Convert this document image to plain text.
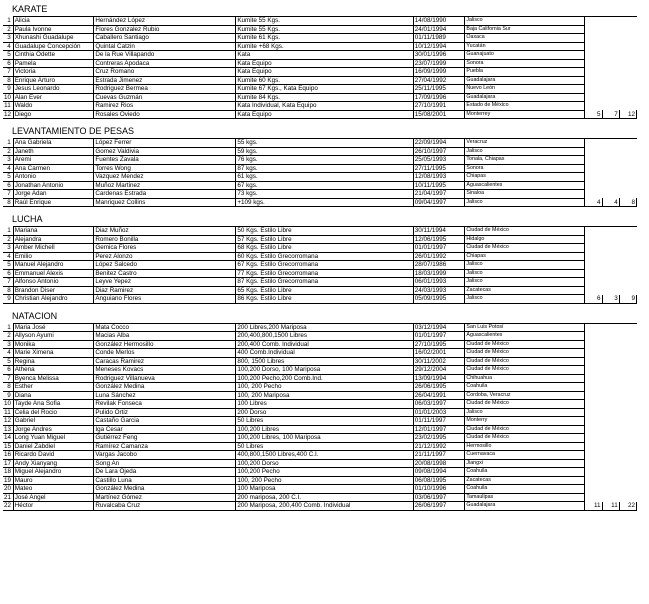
KARATE
1	Alicia	Hernández López	Kumite 55 Kgs.	14/08/1990	Jalisco			
2	Paula Ivonne	Flores Gonzalez Rubio	Kumite 55 Kgs.	24/01/1994	Baja California Sur			
3	Xhunashi Guadalupe	Caballero Santiago	Kumite 61 Kgs.	01/11/1989	Oaxaca			
4	Guadalupe Concepción	Quintal Catzin	Kumite +68 Kgs.	10/12/1994	Yucatán			
5	Cinthia Odette	De la Rue Villapando	Kata	30/01/1996	Guanajuato			
6	Pamela	Contreras Apodaca	Kata Equipo	23/07/1999	Sonora			
7	Victoria	Cruz Romano	Kata Equipo	16/09/1999	Puebla			
8	Enrique Arturo	Estrada Jimenez	Kumite 60 Kgs.	27/04/1992	Guadalajara			
9	Jesus Leonardo	Rodriguez Bermea	Kumite 67 Kgs., Kata Equipo	25/11/1995	Nuevo León			
10	Alan Ever	Cuevas Guzmán	Kumite 84 Kgs.	17/09/1996	Guadalajara			
11	Waldo	Ramirez Rios	Kata Individual, Kata Equipo	27/10/1991	Estado de México			
12	Diego	Rosales Oviedo	Kata Equipo	15/08/2001	Monterrey	5	7	12
LEVANTAMIENTO DE PESAS
1	Ana Gabriela	López Ferrer	55 kgs.	22/09/1994	Veracruz			
2	Janeth	Gomez Valdivia	59 kgs.	26/10/1997	Jalisco			
3	Aremi	Fuentes Zavala	76 kgs.	25/05/1993	Tonala, Chiapas			
4	Ana Carmen	Torres Wong	87 kgs.	27/11/1995	Sonora			
5	Antonio	Vazquez Mendez	61 kgs.	12/08/1993	Chiapas			
6	Jonathan Antonio	Muñoz Martinez	67 kgs.	10/11/1995	Aguascalientes			
7	Jorge Adan	Cardenas Estrada	73 kgs.	21/04/1997	Sinaloa			
8	Raúl Enrique	Manriquez Collins	+109 kgs.	09/04/1997	Jalisco	4	4	8
LUCHA
1	Mariana	Diaz Muñoz	50 Kgs. Estilo Libre	30/11/1994	Ciudad de México			
2	Alejandra	Romero Bonilla	57 Kgs. Estilo Libre	12/06/1995	Hidalgo			
3	Amber Michell	Gemica Flores	68 Kgs. Estilo Libre	01/01/1997	Ciudad de México			
4	Emilio	Perez Alonzo	60 Kgs. Estilo Grecorromana	26/01/1992	Chiapas			
5	Manuel Alejandro	López Salcedo	67 Kgs. Estilo Grecorromana	28/07/1986	Jalisco			
6	Emmanuel Alexis	Benitez Castro	77 Kgs. Estilo Grecorromana	18/03/1999	Jalisco			
7	Alfonso Antonio	Leyve Yepez	87 Kgs. Estilo Grecorromana	06/01/1993	Jalisco			
8	Brandon Diser	Diaz Ramirez	65 Kgs. Estilo Libre	24/03/1993	Zacatecas			
9	Christian Alejandro	Anguiano Flores	86 Kgs. Estilo Libre	05/09/1995	Jalisco	6	3	9
NATACION
1	Maria José	Mata Cocco	200 Libres,200 Mariposa	03/12/1994	San Luis Potosí			
2	Allyson Ayumi	Macias Alba	200,400,800,1500 Libres	01/01/1997	Aguascalientes			
3	Monika	González Hermosillo	200,400 Comb. Individual	27/10/1995	Ciudad de México			
4	Marie Ximena	Conde Merlos	400 Comb.Individual	16/02/2001	Ciudad de México			
5	Regina	Caracas Ramirez	800, 1500 Libres	30/11/2002	Ciudad de México			
6	Athena	Meneses Kovacs	100,200 Dorso, 100 Mariposa	29/12/2004	Ciudad de México			
7	Byenca Melissa	Rodriguez Villanueva	100,200 Pecho,200 Comb.Ind.	13/09/1994	Chihuahua			
8	Esther	González Medina	100, 200 Pecho	26/06/1995	Coahuila			
9	Diana	Luna Sánchez	100, 200 Mariposa	26/04/1991	Cordoba, Veracruz			
10	Tayde Ana Sofia	Revilak Fonseca	100 Libres	06/03/1997	Ciudad de México			
11	Celia del Rocio	Pulido Ortiz	200 Dorso	01/01/2003	Jalisco			
12	Gabriel	Castaño Garcia	50 Libres	01/11/1997	Monterry			
13	Jorge Andres	Iga Cesar	100,200 Libres	12/01/1997	Ciudad de México			
14	Long Yuan Miguel	Gutiérrez Feng	100,200 Libres, 100 Mariposa	23/02/1995	Ciudad de México			
15	Daniel Zabdiel	Ramírez Camanza	50 Libres	21/12/1992	Hermosillo			
16	Ricardo David	Vargas Jacobo	400,800,1500 Libres,400 C.I.	21/11/1997	Cuernavaca			
17	Andy Xianyang	Song An	100,200 Dorso	20/08/1998	Jiangxi			
18	Miguel Alejandro	De Lara Ojeda	100,200 Pecho	09/08/1994	Coahuila			
19	Mauro	Castillo Luna	100, 200 Pecho	06/08/1995	Zacatecas			
20	Mateo	González Medina	100 Mariposa	01/10/1996	Coahuila			
21	José Angel	Martínez Gómez	200 mariposa, 200 C.I.	03/06/1997	Tamaulipas			
22	Héctor	Ruvalcaba Cruz	200 Mariposa, 200,400 Comb. Individual	26/06/1997	Guadalajara	11	11	22
